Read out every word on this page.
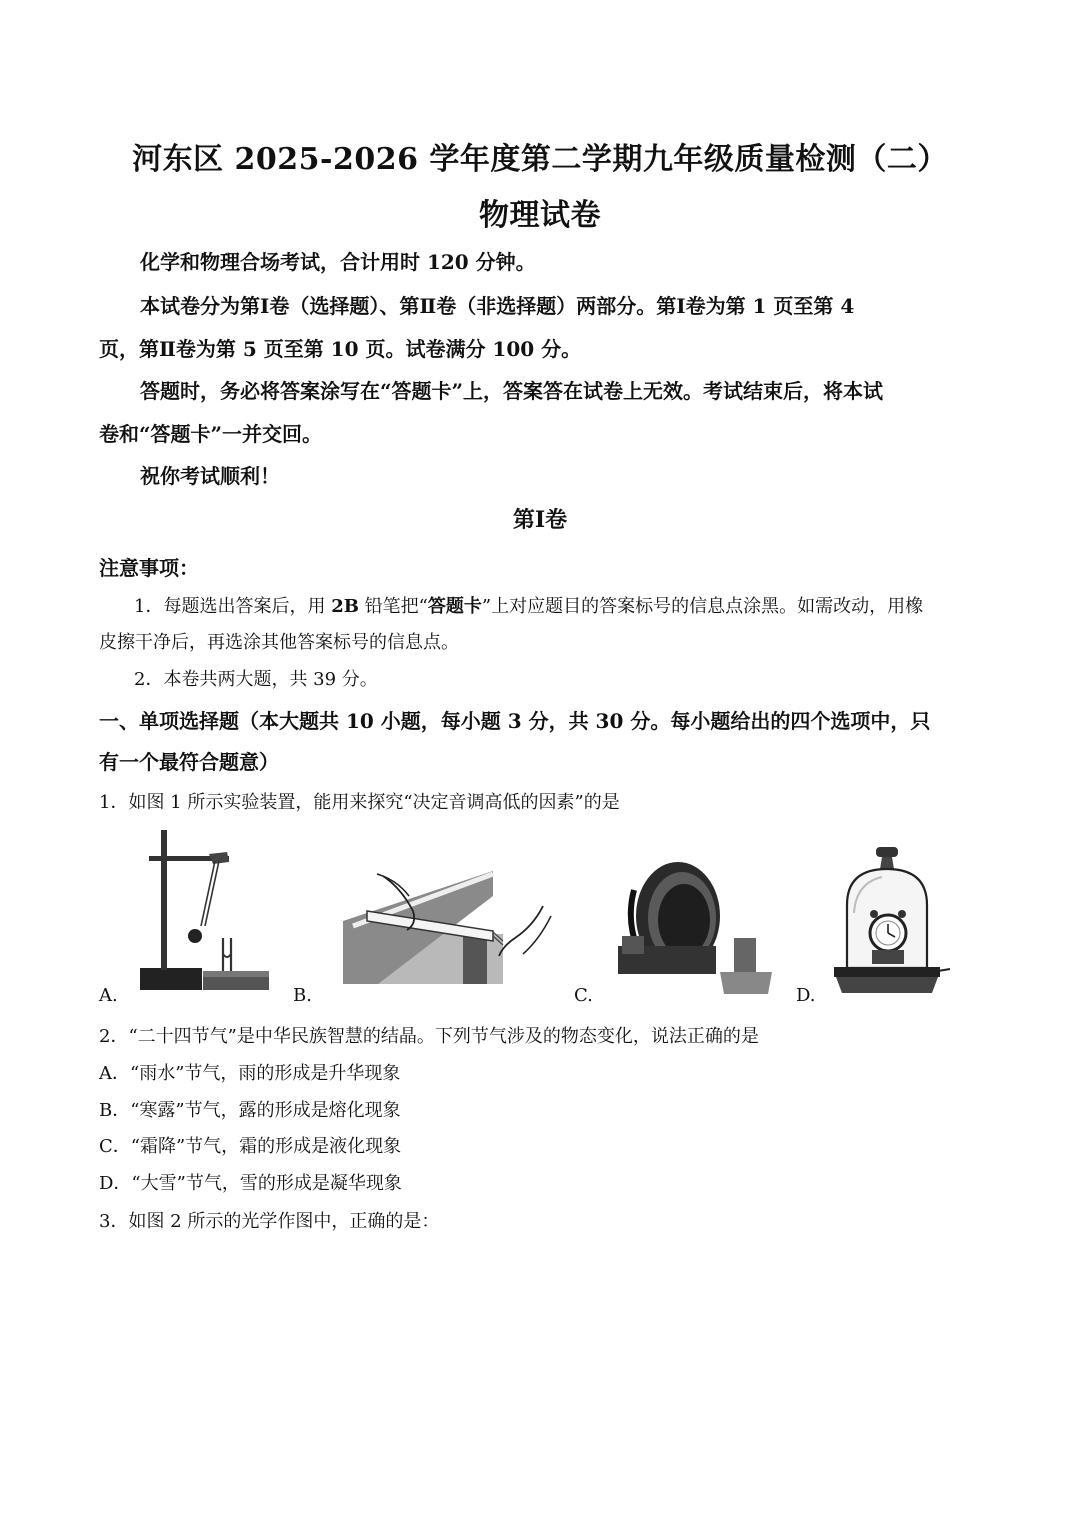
河东区 2025-2026 学年度第二学期九年级质量检测（二）
物理试卷
化学和物理合场考试，合计用时 120 分钟。
本试卷分为第Ⅰ卷（选择题）、第Ⅱ卷（非选择题）两部分。第Ⅰ卷为第 1 页至第 4
页，第Ⅱ卷为第 5 页至第 10 页。试卷满分 100 分。
答题时，务必将答案涂写在“答题卡”上，答案答在试卷上无效。考试结束后，将本试
卷和“答题卡”一并交回。
祝你考试顺利！
第Ⅰ卷
注意事项：
1．每题选出答案后，用 2B 铅笔把“答题卡”上对应题目的答案标号的信息点涂黑。如需改动，用橡
皮擦干净后，再选涂其他答案标号的信息点。
2．本卷共两大题，共 39 分。
一、单项选择题（本大题共 10 小题，每小题 3 分，共 30 分。每小题给出的四个选项中，只
有一个最符合题意）
1．如图 1 所示实验装置，能用来探究“决定音调高低的因素”的是
A.	B.	C.	D.
2．“二十四节气”是中华民族智慧的结晶。下列节气涉及的物态变化，说法正确的是
A．“雨水”节气，雨的形成是升华现象
B．“寒露”节气，露的形成是熔化现象
C．“霜降”节气，霜的形成是液化现象
D．“大雪”节气，雪的形成是凝华现象
3．如图 2 所示的光学作图中，正确的是：
